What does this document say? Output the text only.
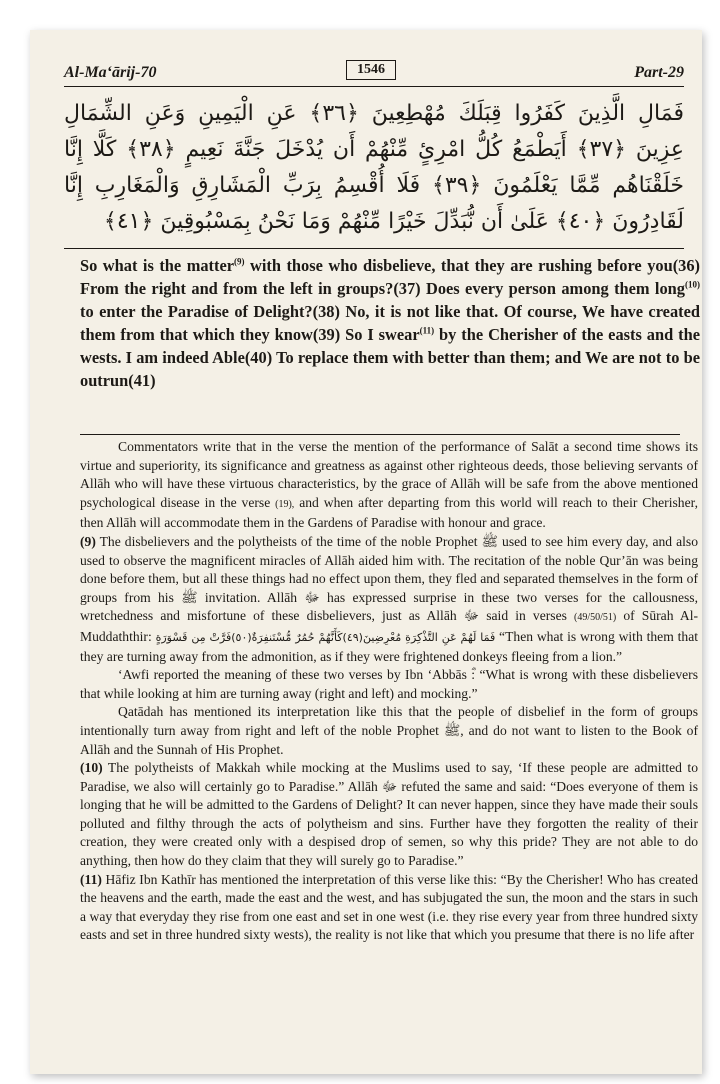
Al-Ma‘ārij-70	1546	Part-29
فَمَالِ الَّذِينَ كَفَرُوا قِبَلَكَ مُهْطِعِينَ ﴿٣٦﴾ عَنِ الْيَمِينِ وَعَنِ الشِّمَالِ عِزِينَ ﴿٣٧﴾ أَيَطْمَعُ كُلُّ امْرِئٍ مِّنْهُمْ أَن يُدْخَلَ جَنَّةَ نَعِيمٍ ﴿٣٨﴾ كَلَّا إِنَّا خَلَقْنَاهُم مِّمَّا يَعْلَمُونَ ﴿٣٩﴾ فَلَا أُقْسِمُ بِرَبِّ الْمَشَارِقِ وَالْمَغَارِبِ إِنَّا لَقَادِرُونَ ﴿٤٠﴾ عَلَىٰ أَن نُّبَدِّلَ خَيْرًا مِّنْهُمْ وَمَا نَحْنُ بِمَسْبُوقِينَ ﴿٤١﴾

So what is the matter$^{(9)}$ with those who disbelieve, that they are rushing before you(36) From the right and from the left in groups?(37) Does every person among them long$^{(10)}$ to enter the Paradise of Delight?(38) No, it is not like that. Of course, We have created them from that which they know(39) So I swear$^{(11)}$ by the Cherisher of the easts and the wests. I am indeed Able(40) To replace them with better than them; and We are not to be outrun(41)

Commentators write that in the verse the mention of the performance of Salāt a second time shows its virtue and superiority, its significance and greatness as against other righteous deeds, those believing servants of Allāh who will have these virtuous characteristics, by the grace of Allāh will be safe from the above mentioned psychological disease in the verse (19), and when after departing from this world will reach to their Cherisher, then Allāh will accommodate them in the Gardens of Paradise with honour and grace.

(9) The disbelievers and the polytheists of the time of the noble Prophet ﷺ used to see him every day, and also used to observe the magnificent miracles of Allāh aided him with. The recitation of the noble Qur’ān was being done before them, but all these things had no effect upon them, they fled and separated themselves in the form of groups from his ﷺ invitation. Allāh ﷻ has expressed surprise in these two verses for the callousness, wretchedness and misfortune of these disbelievers, just as Allāh ﷻ said in verses (49/50/51) of Sūrah Al-Muddaththir: فَمَا لَهُمْ عَنِ التَّذْكِرَةِ مُعْرِضِينَ(٤٩)كَأَنَّهُمْ حُمُرٌ مُّسْتَنفِرَةٌ(٥٠)فَرَّتْ مِن قَسْوَرَةٍ “Then what is wrong with them that they are turning away from the admonition, as if they were frightened donkeys fleeing from a lion.”

‘Awfi reported the meaning of these two verses by Ibn ‘Abbās ؓ: “What is wrong with these disbelievers that while looking at him are turning away (right and left) and mocking.”

Qatādah has mentioned its interpretation like this that the people of disbelief in the form of groups intentionally turn away from right and left of the noble Prophet ﷺ, and do not want to listen to the Book of Allāh and the Sunnah of His Prophet.

(10) The polytheists of Makkah while mocking at the Muslims used to say, ‘If these people are admitted to Paradise, we also will certainly go to Paradise.” Allāh ﷻ refuted the same and said: “Does everyone of them is longing that he will be admitted to the Gardens of Delight? It can never happen, since they have made their souls polluted and filthy through the acts of polytheism and sins. Further have they forgotten the reality of their creation, they were created only with a despised drop of semen, so why this pride? They are not able to do anything, then how do they claim that they will surely go to Paradise.”

(11) Hāfiz Ibn Kathīr has mentioned the interpretation of this verse like this: “By the Cherisher! Who has created the heavens and the earth, made the east and the west, and has subjugated the sun, the moon and the stars in such a way that everyday they rise from one east and set in one west (i.e. they rise every year from three hundred sixty easts and set in three hundred sixty wests), the reality is not like that which you presume that there is no life after
